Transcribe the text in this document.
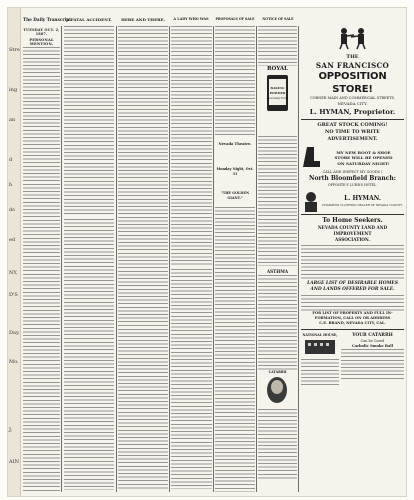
Stre
ing
an
d
h
ds
ed
NY,
D'S
Day.
Mo.
J,
AIN
The Daily Transcript.
A FATAL ACCIDENT.	HERE AND THERE.	A LADY WHO WAS	PROPOSALS OF SALE	NOTICE OF SALE
TUESDAY OCT. 2, 1887.
PERSONAL MENTION.
Nevada Theatre.
Monday Night, Oct. 31
"THE GOLDEN GIANT."
ROYAL
BAKING
POWDER
Absolutely Pure.
ASTHMA
CATARRH
THE
SAN FRANCISCO
OPPOSITION STORE!
CORNER MAIN AND COMMERCIAL STREETS,
NEVADA CITY.
L. HYMAN, Proprietor.
GREAT STOCK COMING!
NO TIME TO WRITE ADVERTISEMENT.
MY NEW BOOT & SHOE
STORE WILL BE OPENED
ON SATURDAY NIGHT!
CALL AND INSPECT MY GOODS !
North Bloomfield Branch:
OPPOSITE F. LUHR'S HOTEL.
L. HYMAN.
CHAMPION CLOTHING DEALER OF NEVADA COUNTY.
To Home Seekers.
NEVADA COUNTY LAND AND IMPROVEMENT
ASSOCIATION.
LARGE LIST OF DESIRABLE HOMES
AND LANDS OFFERED FOR SALE.
FOR LIST OF PROPERTY AND FULL IN-
FORMATION, CALL ON OR ADDRESS
C.E. BRAND, NEVADA CITY, CAL.
NATIONAL HOUSE,	YOUR CATARRH
Can be Cured
Carbolic Smoke Ball
